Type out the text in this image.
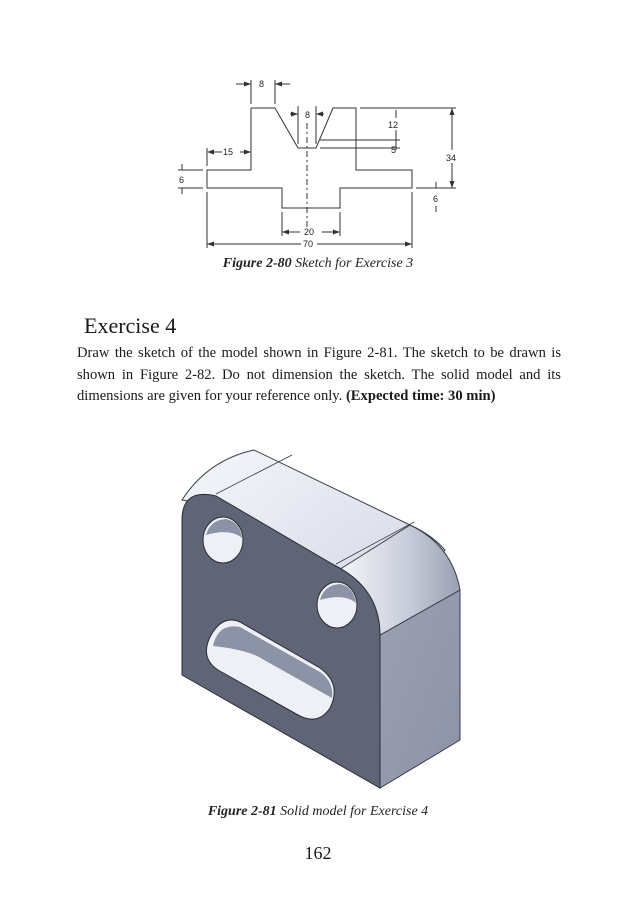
8
8
12
15	5
34
6
6
20
70
Figure 2-80 Sketch for Exercise 3
Exercise 4
Draw the sketch of the model shown in Figure 2-81. The sketch to be drawn is shown in Figure 2-82. Do not dimension the sketch. The solid model and its dimensions are given for your reference only. (Expected time: 30 min)
Figure 2-81 Solid model for Exercise 4
162
